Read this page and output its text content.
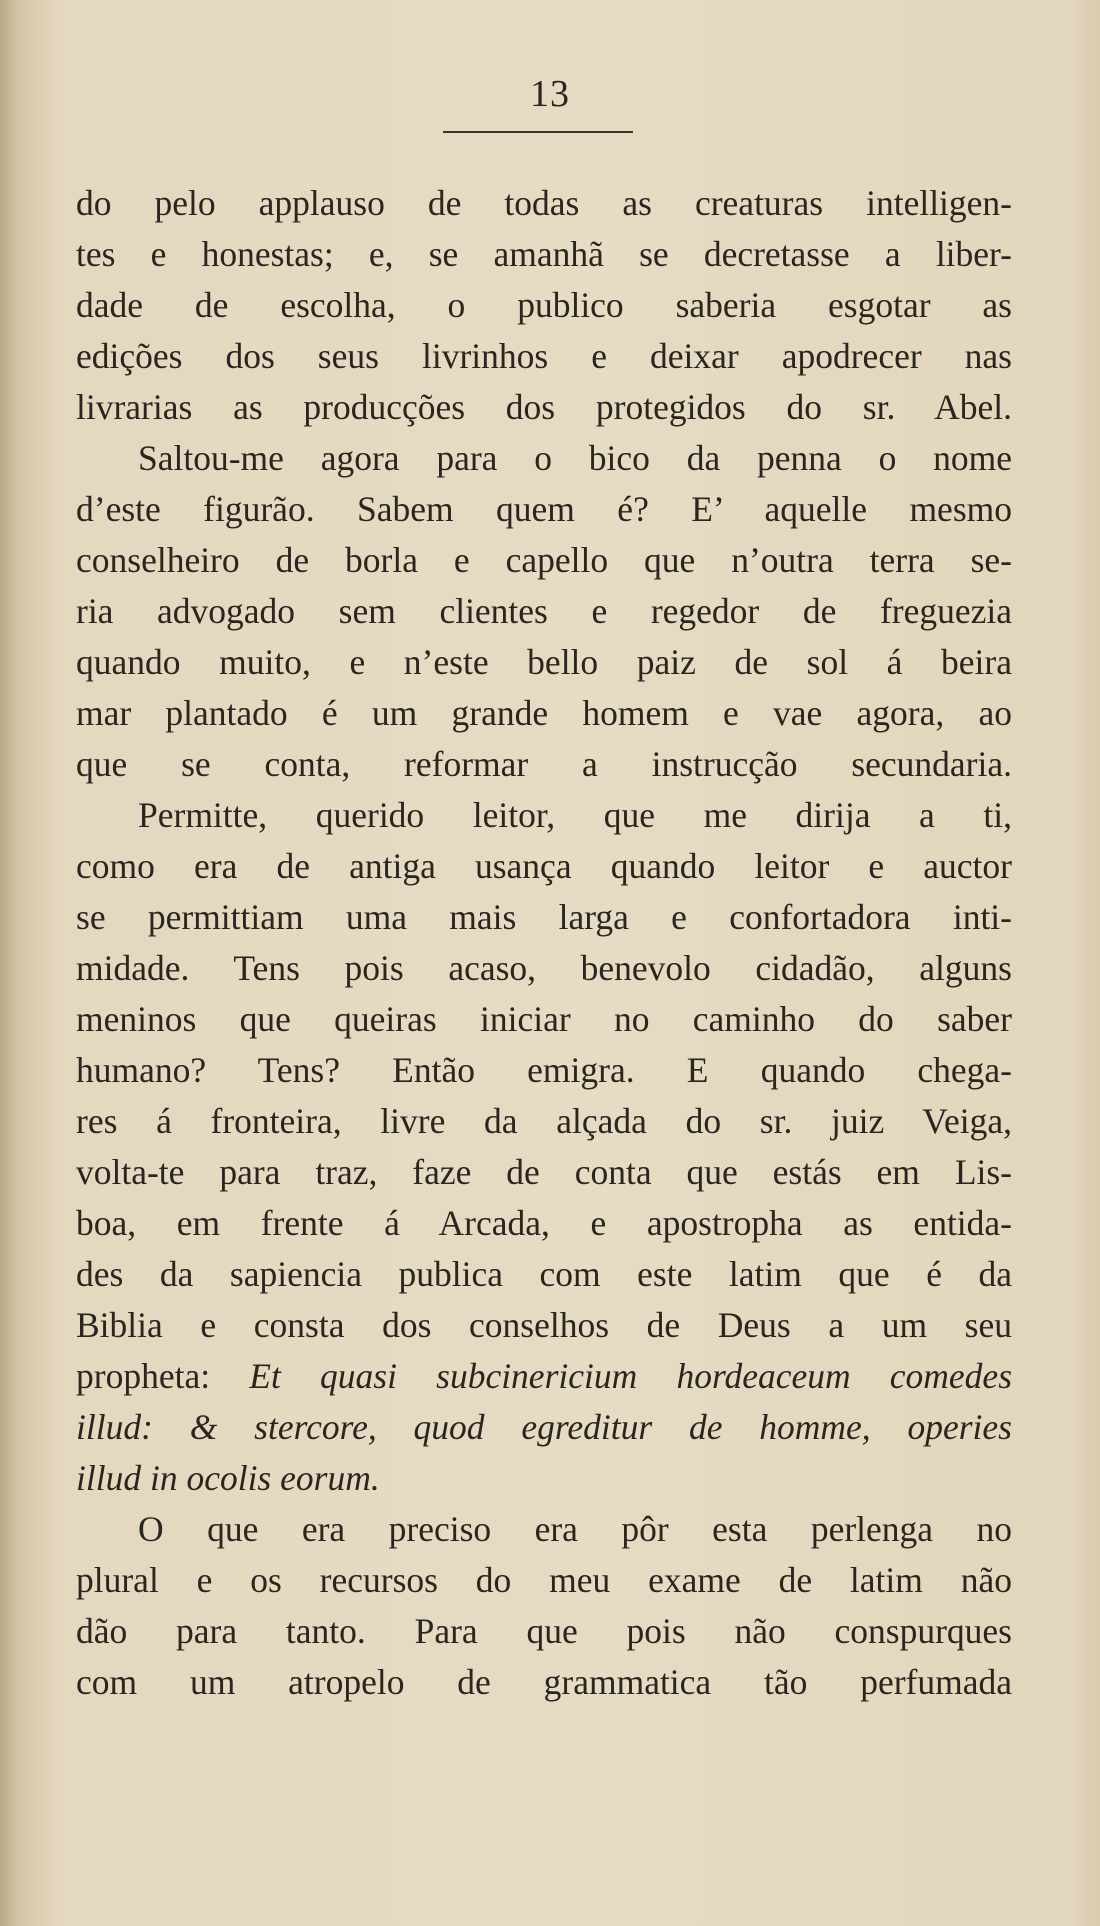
13
do pelo applauso de todas as creaturas intelligen-
tes e honestas; e, se amanhã se decretasse a liber-
dade de escolha, o publico saberia esgotar as
edições dos seus livrinhos e deixar apodrecer nas
livrarias as producções dos protegidos do sr. Abel.
Saltou-me agora para o bico da penna o nome
d’este figurão. Sabem quem é? E’ aquelle mesmo
conselheiro de borla e capello que n’outra terra se-
ria advogado sem clientes e regedor de freguezia
quando muito, e n’este bello paiz de sol á beira
mar plantado é um grande homem e vae agora, ao
que se conta, reformar a instrucção secundaria.
Permitte, querido leitor, que me dirija a ti,
como era de antiga usança quando leitor e auctor
se permittiam uma mais larga e confortadora inti-
midade. Tens pois acaso, benevolo cidadão, alguns
meninos que queiras iniciar no caminho do saber
humano? Tens? Então emigra. E quando chega-
res á fronteira, livre da alçada do sr. juiz Veiga,
volta-te para traz, faze de conta que estás em Lis-
boa, em frente á Arcada, e apostropha as entida-
des da sapiencia publica com este latim que é da
Biblia e consta dos conselhos de Deus a um seu
propheta: Et quasi subcinericium hordeaceum comedes
illud: & stercore, quod egreditur de homme, operies
illud in ocolis eorum.
O que era preciso era pôr esta perlenga no
plural e os recursos do meu exame de latim não
dão para tanto. Para que pois não conspurques
com um atropelo de grammatica tão perfumada
